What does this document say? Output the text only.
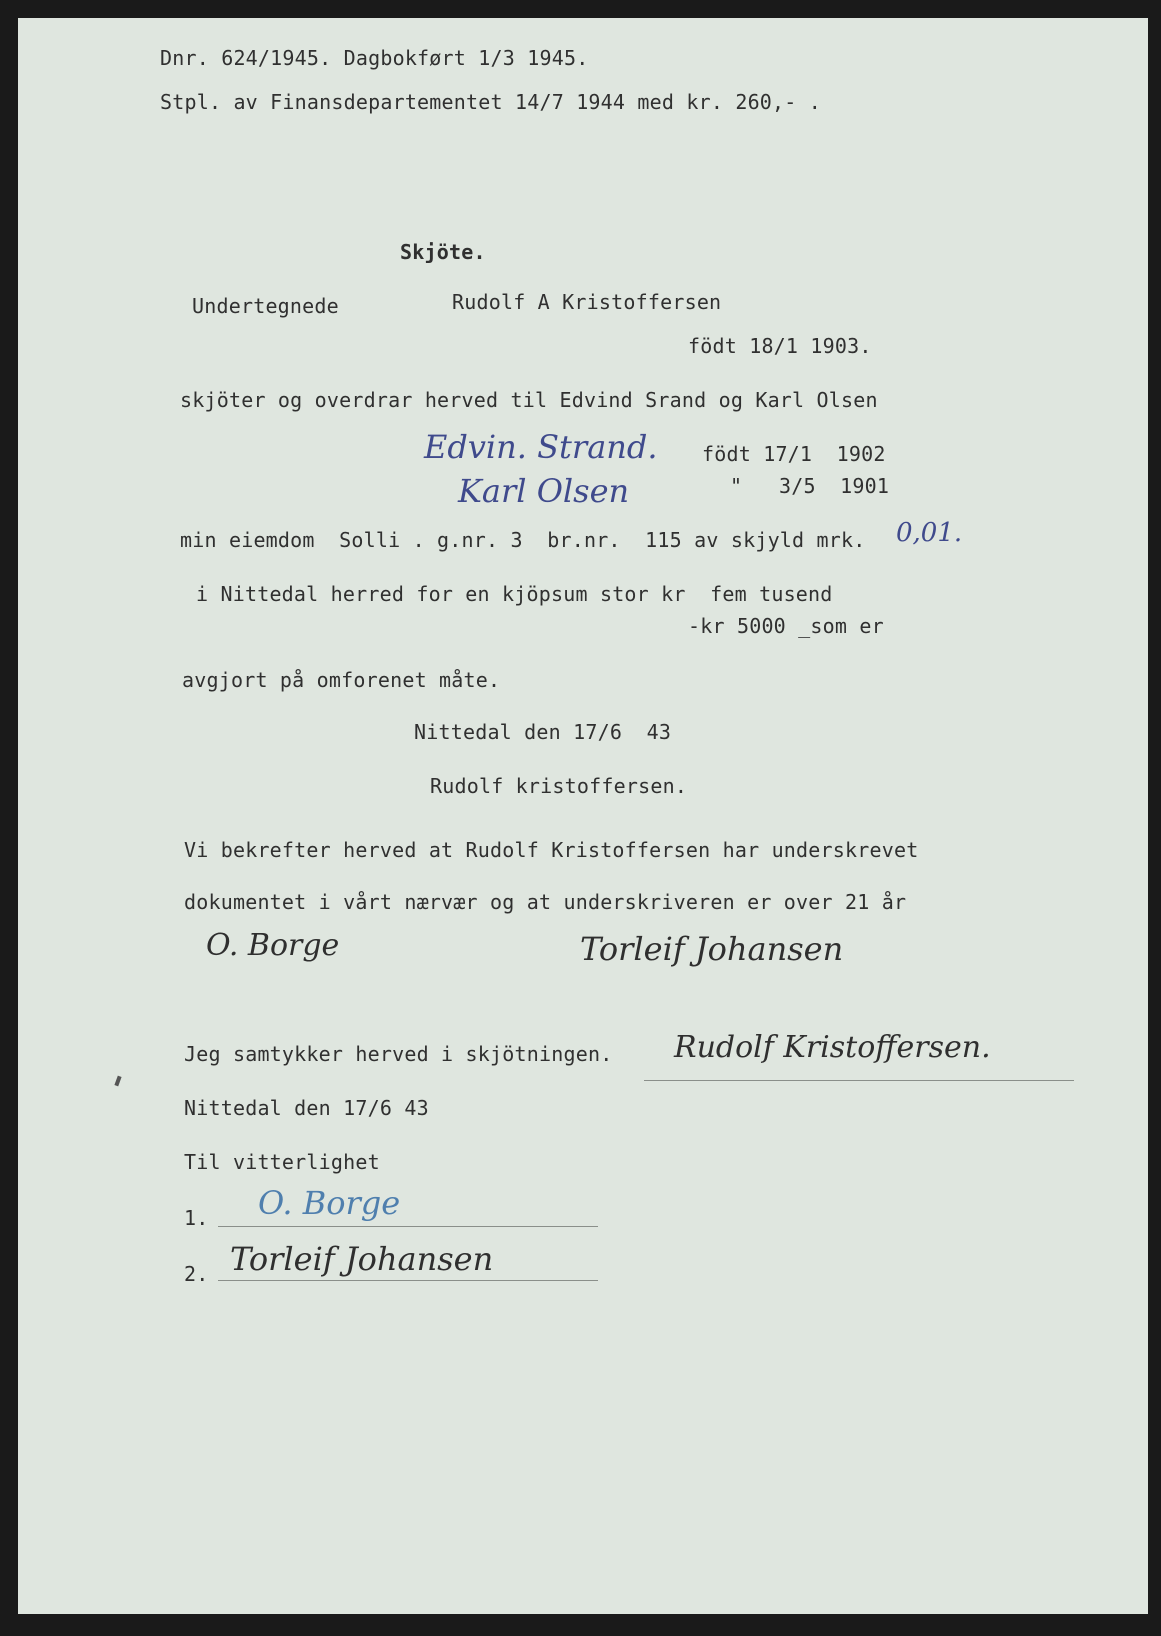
Dnr. 624/1945. Dagbokført 1/3 1945.
Stpl. av Finansdepartementet 14/7 1944 med kr. 260,- .
Skjöte.
Undertegnede	Rudolf A Kristoffersen
födt 18/1 1903.
skjöter og overdrar herved til Edvind Srand og Karl Olsen
Edvin. Strand. födt 17/1  1902
Karl Olsen	"   3/5  1901
min eiemdom  Solli . g.nr. 3  br.nr.  115 av skjyld mrk. 0,01.
i Nittedal herred for en kjöpsum stor kr  fem tusend
-kr 5000 _som er
avgjort på omforenet måte.
Nittedal den 17/6  43
Rudolf kristoffersen.
Vi bekrefter herved at Rudolf Kristoffersen har underskrevet
dokumentet i vårt nærvær og at underskriveren er over 21 år
O. Borge	Torleif Johansen
Jeg samtykker herved i skjötningen. Rudolf Kristoffersen.
Nittedal den 17/6 43
Til vitterlighet
1. O. Borge
2. Torleif Johansen
